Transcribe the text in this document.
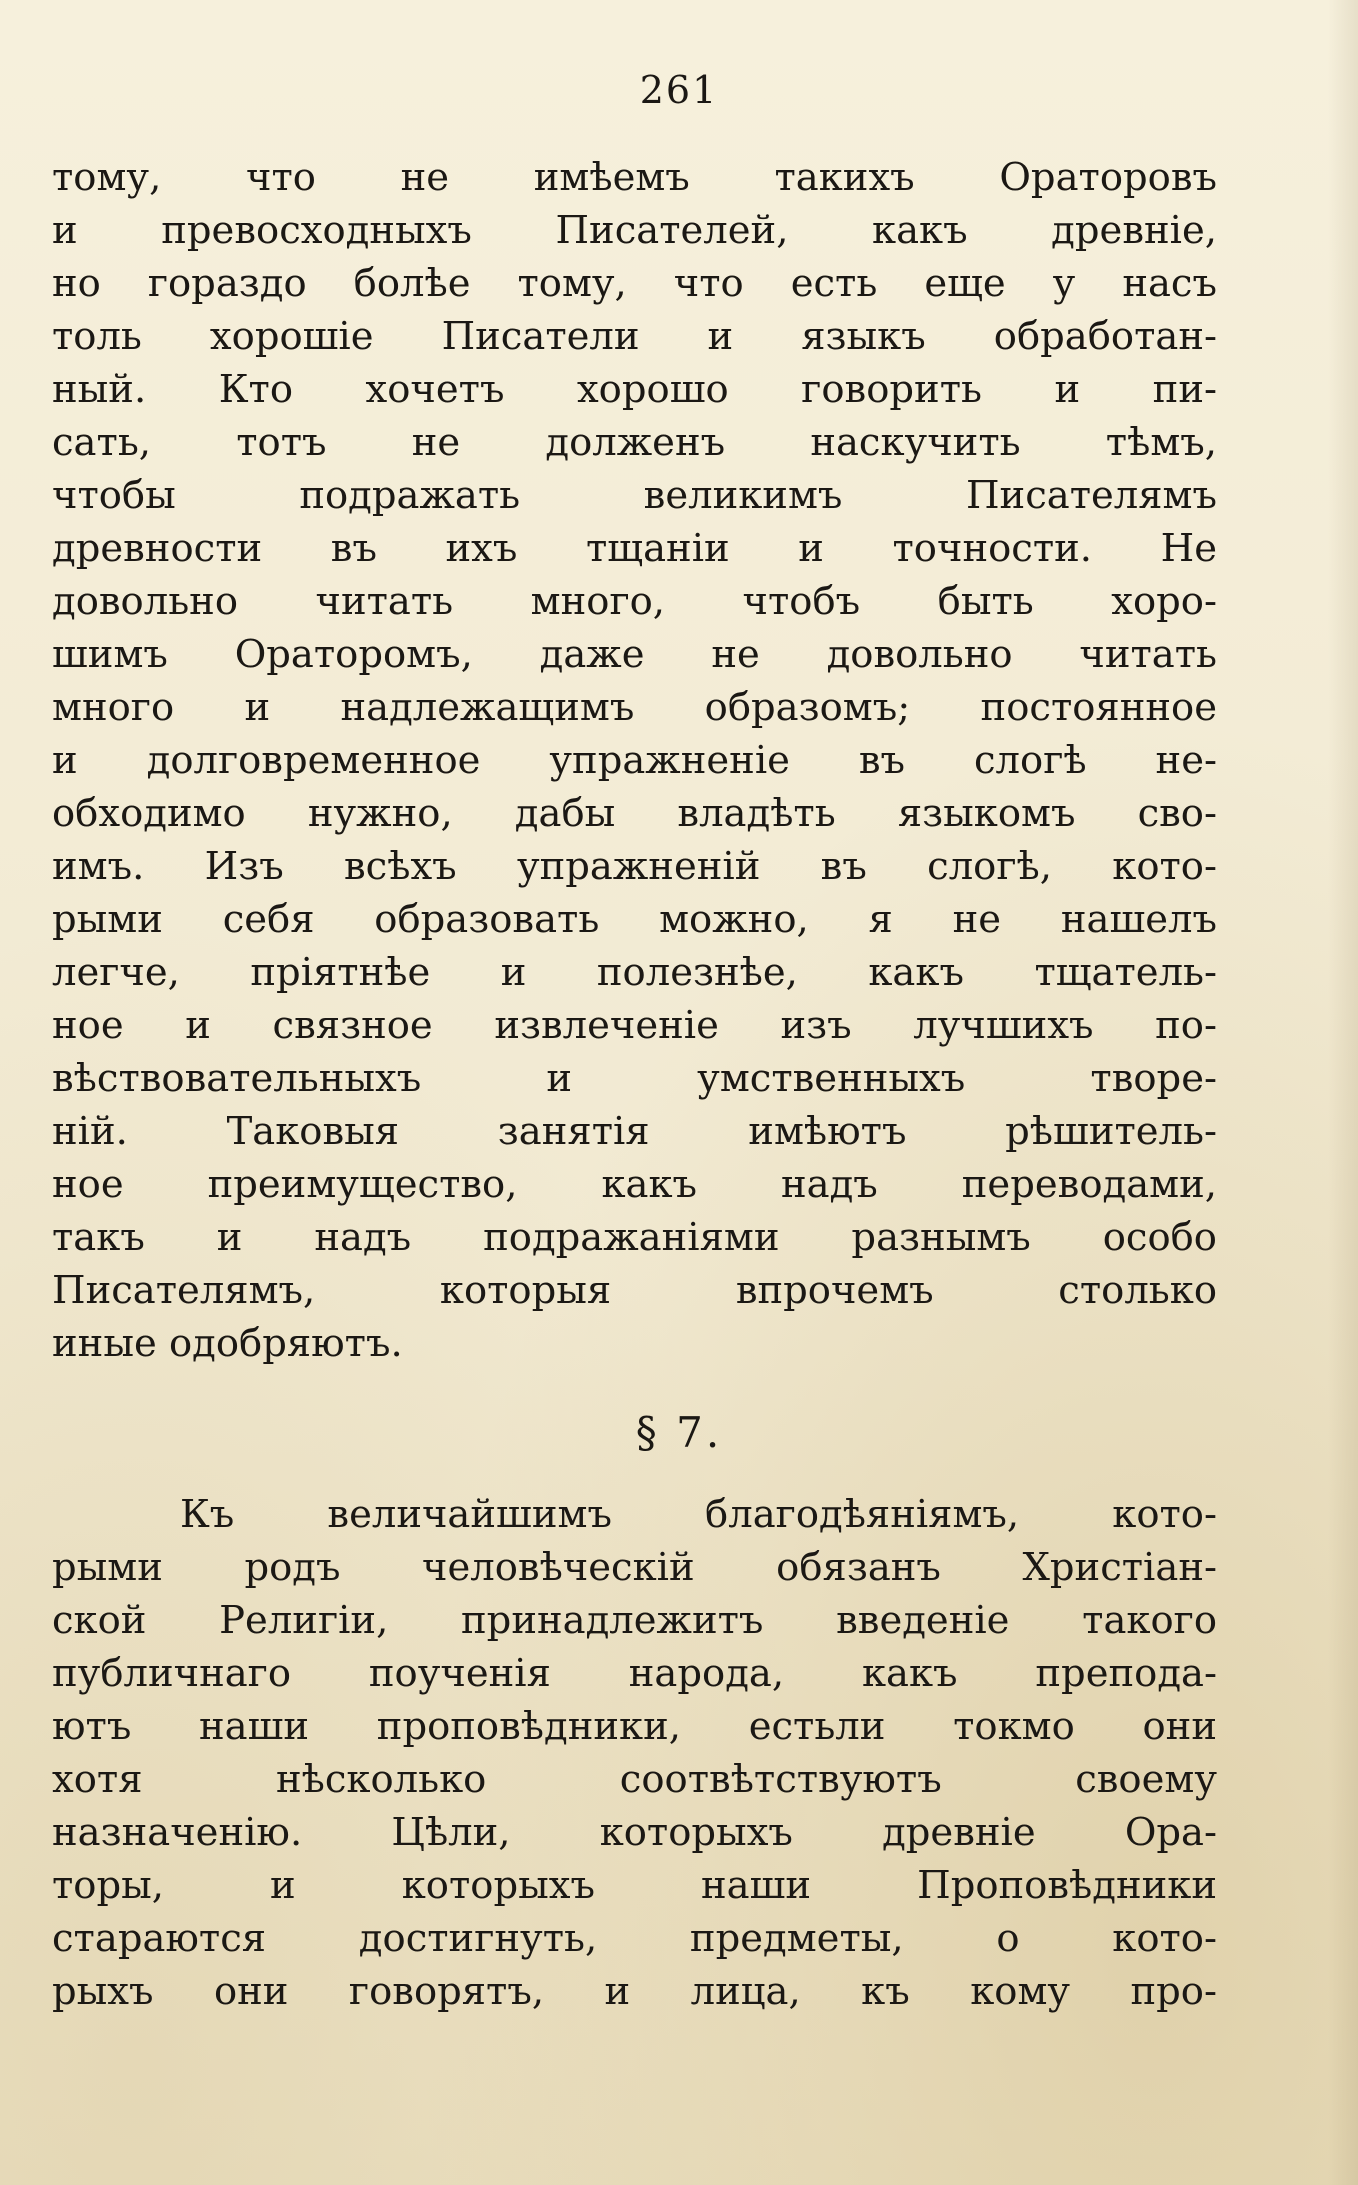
261
тому, что не имѣемъ такихъ Ораторовъ
и превосходныхъ Писателей, какъ древніе,
но гораздо болѣе тому, что есть еще у насъ
толь хорошіе Писатели и языкъ обработан-
ный. Кто хочетъ хорошо говорить и пи-
сать, тотъ не долженъ наскучить тѣмъ,
чтобы подражать великимъ Писателямъ
древности въ ихъ тщаніи и точности. Не
довольно читать много, чтобъ быть хоро-
шимъ Ораторомъ, даже не довольно читать
много и надлежащимъ образомъ; постоянное
и долговременное упражненіе въ слогѣ не-
обходимо нужно, дабы владѣть языкомъ сво-
имъ. Изъ всѣхъ упражненій въ слогѣ, кото-
рыми себя образовать можно, я не нашелъ
легче, пріятнѣе и полезнѣе, какъ тщатель-
ное и связное извлеченіе изъ лучшихъ по-
вѣствовательныхъ и умственныхъ творе-
ній. Таковыя занятія имѣютъ рѣшитель-
ное преимущество, какъ надъ переводами,
такъ и надъ подражаніями разнымъ особо
Писателямъ, которыя впрочемъ столько
иные одобряютъ.
§ 7.
Къ величайшимъ благодѣяніямъ, кото-
рыми родъ человѣческій обязанъ Христіан-
ской Религіи, принадлежитъ введеніе такого
публичнаго поученія народа, какъ препода-
ютъ наши проповѣдники, естьли токмо они
хотя нѣсколько соотвѣтствуютъ своему
назначенію. Цѣли, которыхъ древніе Ора-
торы, и которыхъ наши Проповѣдники
стараются достигнуть, предметы, о кото-
рыхъ они говорятъ, и лица, къ кому про-
